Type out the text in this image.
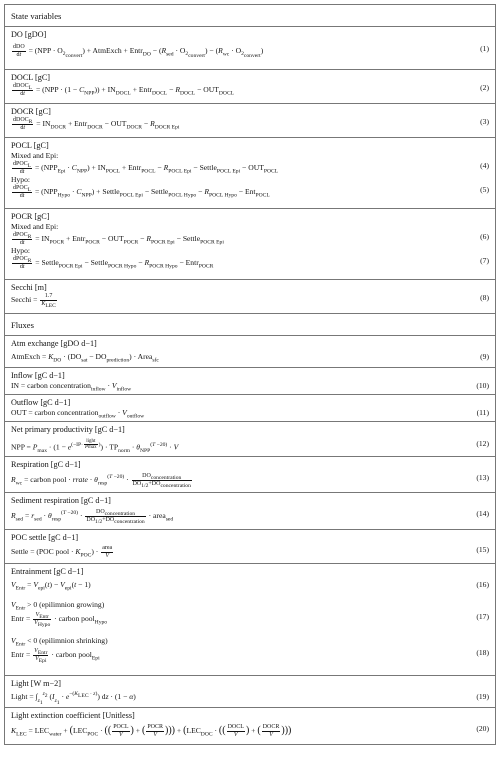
State variables
DO [gDO]
$\frac{\text{dDO}}{dt} = (NPP \cdot O_{2_{convert}})$ + AtmExch + Entr$_{DO}$ − $(R_{sed} \cdot O_{2_{convert}}) - (R_{wc} \cdot O_{2_{convert}})$	(1)
DOCL [gC]
$\frac{dDOC_L}{dt} = (NPP \cdot (1 - C_{NPP})) + IN_{DOCL}$ + Entr$_{DOCL}$ − $R_{DOCL} - OUT_{DOCL}$
(2)
DOCR [gC]
$\frac{dDOC_R}{dt} = IN_{DOCR}$ + Entr$_{DOCR}$ − $OUT_{DOCR} - R_{DOCR Epi}$
(3)
POCL [gC]
Mixed and Epi:
$\frac{dPOC_L}{dt} = (NPP_{Epi} \cdot C_{NPP}) + IN_{POCL}$ + Entr$_{POCL}$ − $R_{POCL Epi}$ − Settle$_{POCL Epi}$ − $OUT_{POCL}$
(4)
Hypo:
$\frac{dPOC_L}{dt} = (NPP_{Hypo} \cdot C_{NPP})$ + Settle$_{POCL Epi}$ − Settle$_{POCL Hypo}$ − $R_{POCL Hypo} - Ent_{POCL}$
(5)
POCR [gC]
Mixed and Epi:
$\frac{dPOC_R}{dt} = IN_{POCR}$ + Entr$_{POCR}$ − $OUT_{POCR} - R_{POCR Epi}$ − Settle$_{POCR Epi}$
(6)
Hypo:
$\frac{dPOC_R}{dt}$ = Settle$_{POCR Epi}$ − Settle$_{POCR Hypo}$ − $R_{POCR Hypo}$ − Entr$_{POCR}$
(7)
Secchi [m]
Secchi = $\frac{1.7}{K_{LEC}}$	(8)
Fluxes
Atm exchange [gDO d−1]
AtmExch = $K_{DO} \cdot (DO_{sat} - DO_{prediction})$ · Area$_{sfc}$	(9)
Inflow [gC d−1]
IN = carbon concentration$_{inflow}$ · $V_{inflow}$	(10)
Outflow [gC d−1]
OUT = carbon concentration$_{outflow}$ · $V_{outflow}$	(11)
Net primary productivity [gC d−1]
NPP = $P_{max} \cdot (1 - e^{(-IP\cdot \frac{\text{light}}{Pmax} )}) \cdot TP_{norm} \cdot \theta_{NPP}^{(T -20)} \cdot V$	(12)
Respiration [gC d−1]
$R_{wc}$ = carbon pool · rrate · $\theta_{resp}^{(T -20)} \cdot \frac{DO_{concentration}}{DO_{1/2}+DO_{concentration}}$	(13)
Sediment respiration [gC d−1]
$R_{sed} = r_{sed} \cdot \theta_{resp}^{(T -20)} \cdot \frac{DO_{concentration}}{DO_{1/2}+DO_{concentration}}$ · area$_{sed}$
(14)
POC settle [gC d−1]
Settle = (POC pool · $K_{POC}) \cdot \frac{\text{area}}{V}$	(15)
Entrainment [gC d−1]
$V_{Entr} = V_{epi}(t) - V_{epi}(t - 1)$	(16)
$V_{Entr} > 0$ (epilimnion growing)
Entr = $\frac{V_{Entr}}{V_{Hypo}}$ · carbon pool$_{Hypo}$
(17)
$V_{Entr} < 0$ (epilimnion shrinking)
Entr = $\frac{V_{Entr}}{V_{Epi}}$ · carbon pool$_{Epi}$
(18)
Light [W m−2]
Light = $\int_{z_1}^{z_2}$ $(I_{z_1} \cdot e^{-(K_{LEC} \cdot z)})$ dz · (1 − α)	(19)
Light extinction coefficient [Unitless]
$K_{LEC} = LEC_{water} + (LEC_{POC}$ · (( $\frac{\text{POCL}}{V}$ ) + ( $\frac{\text{POCR}}{V}$ ))) + ($LEC_{DOC}$ · (( $\frac{\text{DOCL}}{V}$ ) + ( $\frac{\text{DOCR}}{V}$ )))	(20)
